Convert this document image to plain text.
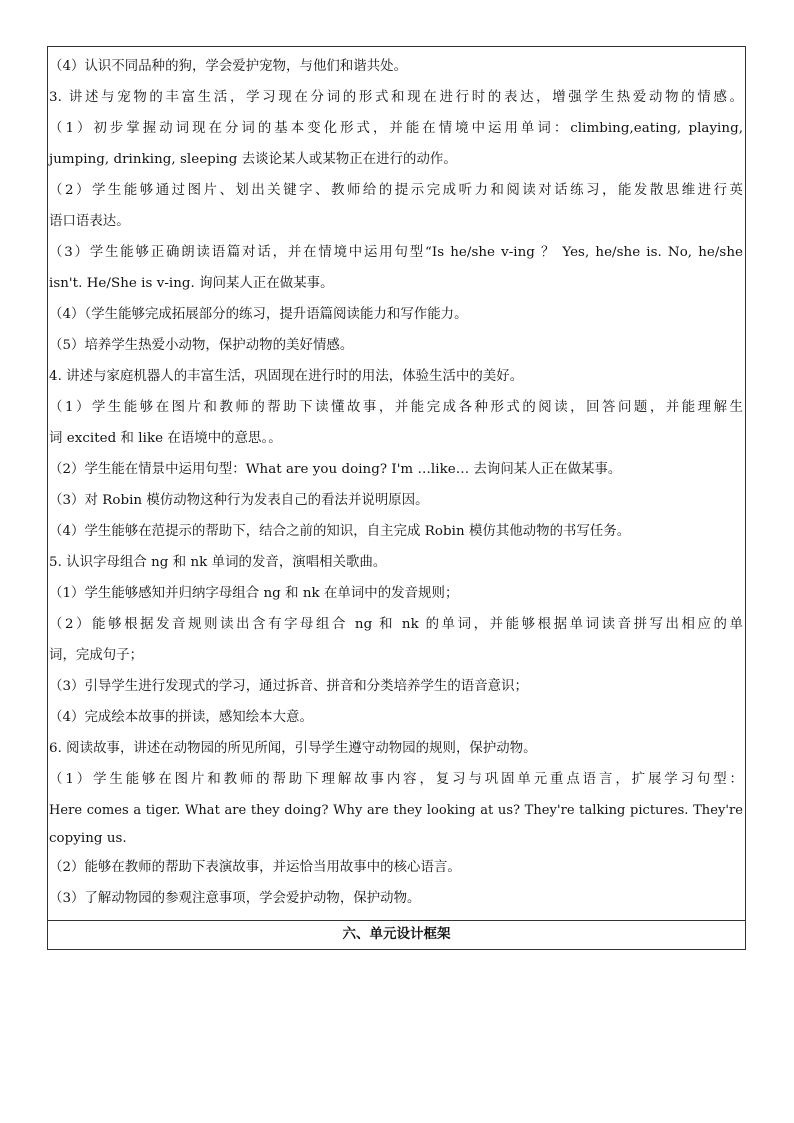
（4）认识不同品种的狗，学会爱护宠物，与他们和谐共处。
3. 讲述与宠物的丰富生活，学习现在分词的形式和现在进行时的表达，增强学生热爱动物的情感。
（1）初步掌握动词现在分词的基本变化形式，并能在情境中运用单词：climbing,eating, playing,
jumping, drinking, sleeping 去谈论某人或某物正在进行的动作。
（2）学生能够通过图片、划出关键字、教师给的提示完成听力和阅读对话练习，能发散思维进行英
语口语表达。
（3）学生能够正确朗读语篇对话，并在情境中运用句型“Is he/she v-ing ？ Yes, he/she is. No, he/she
isn't. He/She is v-ing. 询问某人正在做某事。
（4）（学生能够完成拓展部分的练习，提升语篇阅读能力和写作能力。
（5）培养学生热爱小动物，保护动物的美好情感。
4. 讲述与家庭机器人的丰富生活，巩固现在进行时的用法，体验生活中的美好。
（1）学生能够在图片和教师的帮助下读懂故事，并能完成各种形式的阅读，回答问题，并能理解生
词 excited 和 like 在语境中的意思。。
（2）学生能在情景中运用句型：What are you doing? I'm …like… 去询问某人正在做某事。
（3）对 Robin 模仿动物这种行为发表自己的看法并说明原因。
（4）学生能够在范提示的帮助下，结合之前的知识，自主完成 Robin 模仿其他动物的书写任务。
5. 认识字母组合 ng 和 nk 单词的发音，演唱相关歌曲。
（1）学生能够感知并归纳字母组合 ng 和 nk 在单词中的发音规则；
（2）能够根据发音规则读出含有字母组合 ng 和 nk 的单词，并能够根据单词读音拼写出相应的单
词，完成句子；
（3）引导学生进行发现式的学习，通过拆音、拼音和分类培养学生的语音意识；
（4）完成绘本故事的拼读，感知绘本大意。
6. 阅读故事，讲述在动物园的所见所闻，引导学生遵守动物园的规则，保护动物。
（1）学生能够在图片和教师的帮助下理解故事内容，复习与巩固单元重点语言，扩展学习句型：
Here comes a tiger. What are they doing? Why are they looking at us? They're talking pictures. They're
copying us.
（2）能够在教师的帮助下表演故事，并运恰当用故事中的核心语言。
（3）了解动物园的参观注意事项，学会爱护动物，保护动物。
六、单元设计框架
